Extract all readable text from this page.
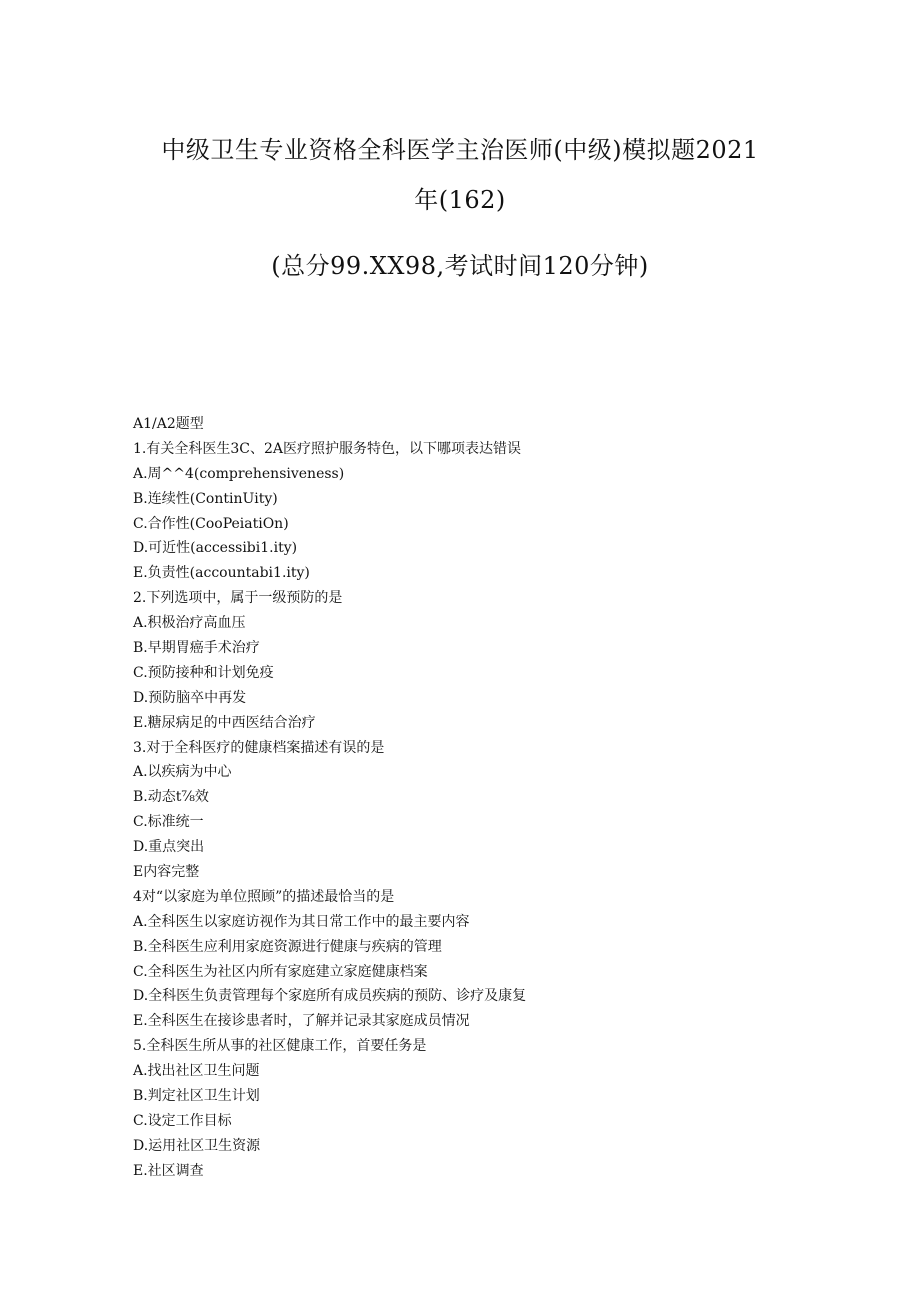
中级卫生专业资格全科医学主治医师(中级)模拟题2021
年(162)
(总分99.XX98,考试时间120分钟)
A1/A2题型
1.有关全科医生3C、2A医疗照护服务特色，以下哪项表达错误
A.周^^4(comprehensiveness)
B.连续性(ContinUity)
C.合作性(CooPeiatiOn)
D.可近性(accessibi1.ity)
E.负责性(accountabi1.ity)
2.下列选项中，属于一级预防的是
A.积极治疗高血压
B.早期胃癌手术治疗
C.预防接种和计划免疫
D.预防脑卒中再发
E.糖尿病足的中西医结合治疗
3.对于全科医疗的健康档案描述有误的是
A.以疾病为中心
B.动态t⅞效
C.标准统一
D.重点突出
E内容完整
4对“以家庭为单位照顾”的描述最恰当的是
A.全科医生以家庭访视作为其日常工作中的最主要内容
B.全科医生应利用家庭资源进行健康与疾病的管理
C.全科医生为社区内所有家庭建立家庭健康档案
D.全科医生负责管理每个家庭所有成员疾病的预防、诊疗及康复
E.全科医生在接诊患者时，了解并记录其家庭成员情况
5.全科医生所从事的社区健康工作，首要任务是
A.找出社区卫生问题
B.判定社区卫生计划
C.设定工作目标
D.运用社区卫生资源
E.社区调查
